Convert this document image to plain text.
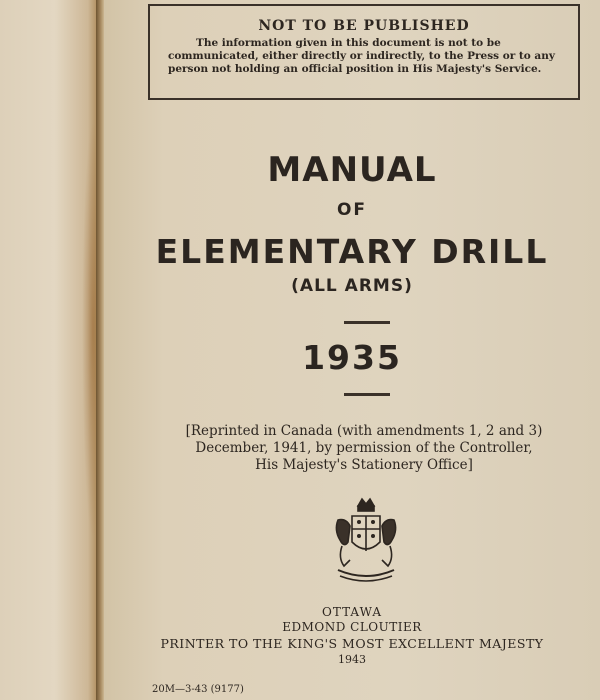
NOT TO BE PUBLISHED
The information given in this document is not to be communicated, either directly or indirectly, to the Press or to any person not holding an official position in His Majesty's Service.
MANUAL
OF
ELEMENTARY DRILL
(ALL ARMS)
1935
[Reprinted in Canada (with amendments 1, 2 and 3)
December, 1941, by permission of the Controller,
His Majesty's Stationery Office]
OTTAWA
EDMOND CLOUTIER
PRINTER TO THE KING'S MOST EXCELLENT MAJESTY
1943
20M—3-43 (9177)
